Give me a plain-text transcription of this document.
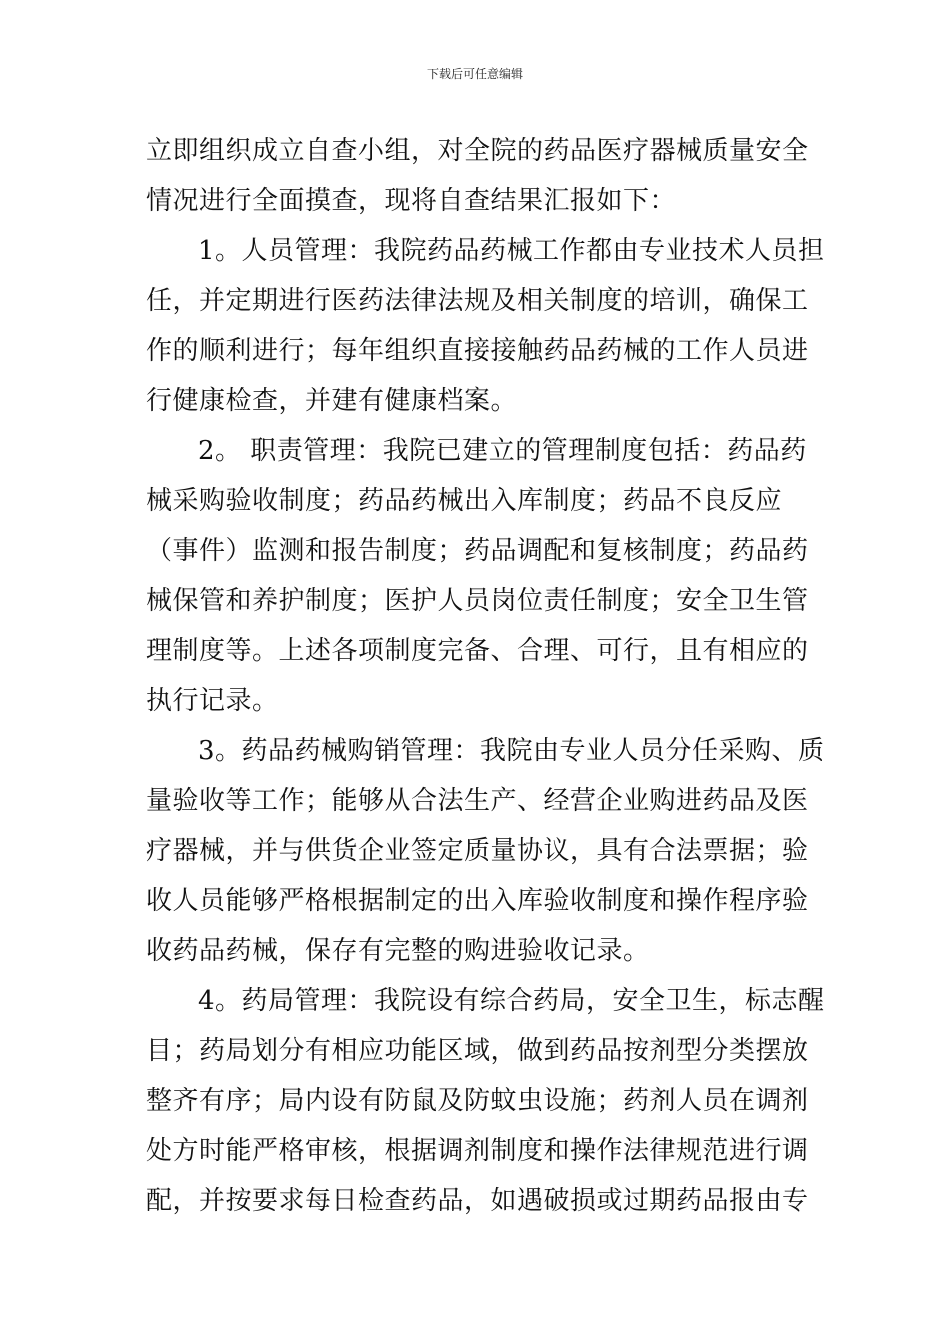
下载后可任意编辑
立即组织成立自查小组，对全院的药品医疗器械质量安全
情况进行全面摸查，现将自查结果汇报如下：
1。人员管理：我院药品药械工作都由专业技术人员担
任，并定期进行医药法律法规及相关制度的培训，确保工
作的顺利进行；每年组织直接接触药品药械的工作人员进
行健康检查，并建有健康档案。
2。 职责管理：我院已建立的管理制度包括：药品药
械采购验收制度；药品药械出入库制度；药品不良反应
（事件）监测和报告制度；药品调配和复核制度；药品药
械保管和养护制度；医护人员岗位责任制度；安全卫生管
理制度等。上述各项制度完备、合理、可行，且有相应的
执行记录。
3。药品药械购销管理：我院由专业人员分任采购、质
量验收等工作；能够从合法生产、经营企业购进药品及医
疗器械，并与供货企业签定质量协议，具有合法票据；验
收人员能够严格根据制定的出入库验收制度和操作程序验
收药品药械，保存有完整的购进验收记录。
4。药局管理：我院设有综合药局，安全卫生，标志醒
目；药局划分有相应功能区域，做到药品按剂型分类摆放
整齐有序；局内设有防鼠及防蚊虫设施；药剂人员在调剂
处方时能严格审核，根据调剂制度和操作法律规范进行调
配，并按要求每日检查药品，如遇破损或过期药品报由专
